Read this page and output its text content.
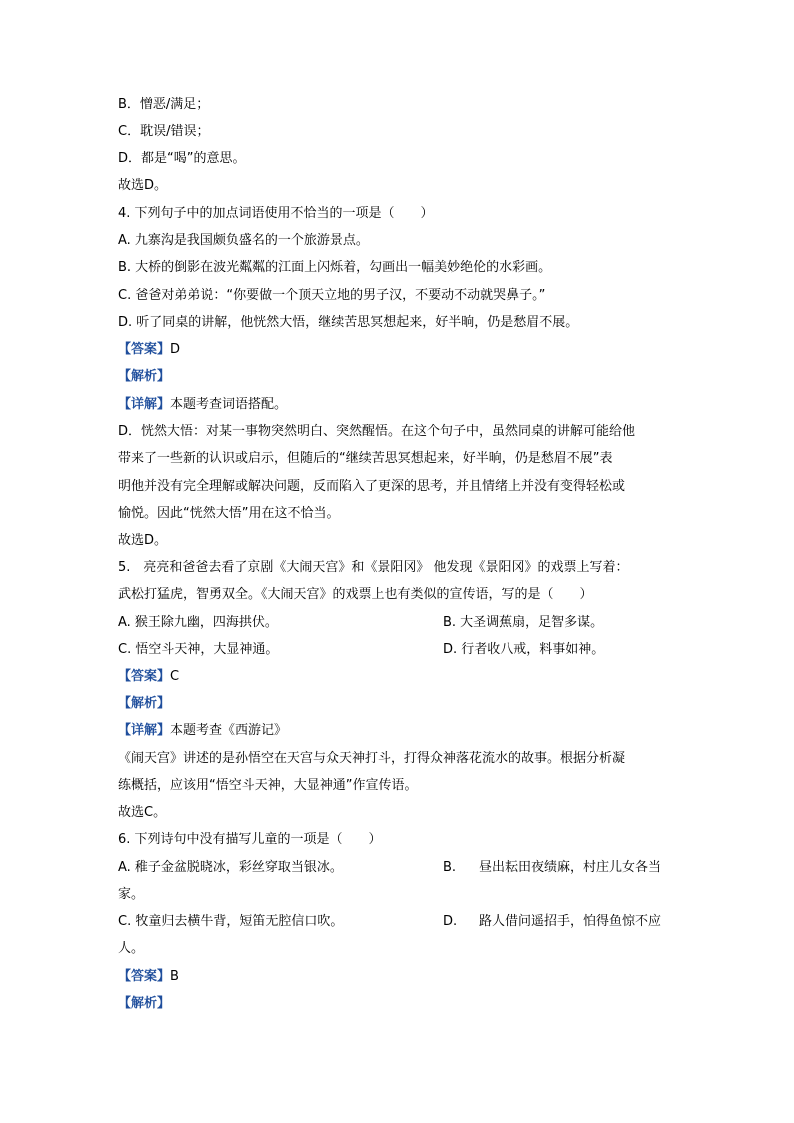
B．憎恶/满足；
C．耽误/错误；
D．都是“喝”的意思。
故选D。
4. 下列句子中的加点词语使用不恰当的一项是（　　）
A. 九寨沟是我国颇负盛名的一个旅游景点。
B. 大桥的倒影在波光粼粼的江面上闪烁着，勾画出一幅美妙绝伦的水彩画。
C. 爸爸对弟弟说：“你要做一个顶天立地的男子汉，不要动不动就哭鼻子。”
D. 听了同桌的讲解，他恍然大悟，继续苦思冥想起来，好半晌，仍是愁眉不展。
【答案】D
【解析】
【详解】本题考查词语搭配。
D．恍然大悟：对某一事物突然明白、突然醒悟。在这个句子中，虽然同桌的讲解可能给他
带来了一些新的认识或启示，但随后的“继续苦思冥想起来，好半晌，仍是愁眉不展”表
明他并没有完全理解或解决问题，反而陷入了更深的思考，并且情绪上并没有变得轻松或
愉悦。因此“恍然大悟”用在这不恰当。
故选D。
5.　亮亮和爸爸去看了京剧《大闹天宫》和《景阳冈》 他发现《景阳冈》的戏票上写着：
武松打猛虎，智勇双全。《大闹天宫》的戏票上也有类似的宣传语，写的是（　　）
A. 猴王除九幽，四海拱伏。	B. 大圣调蕉扇，足智多谋。
C. 悟空斗天神，大显神通。	D. 行者收八戒，料事如神。
【答案】C
【解析】
【详解】本题考查《西游记》
《闹天宫》讲述的是孙悟空在天宫与众天神打斗，打得众神落花流水的故事。根据分析凝
练概括，应该用“悟空斗天神，大显神通”作宣传语。
故选C。
6. 下列诗句中没有描写儿童的一项是（　　）
A. 稚子金盆脱晓冰，彩丝穿取当银冰。	B. 昼出耘田夜绩麻，村庄儿女各当
家。
C. 牧童归去横牛背，短笛无腔信口吹。	D. 路人借问遥招手，怕得鱼惊不应
人。
【答案】B
【解析】
